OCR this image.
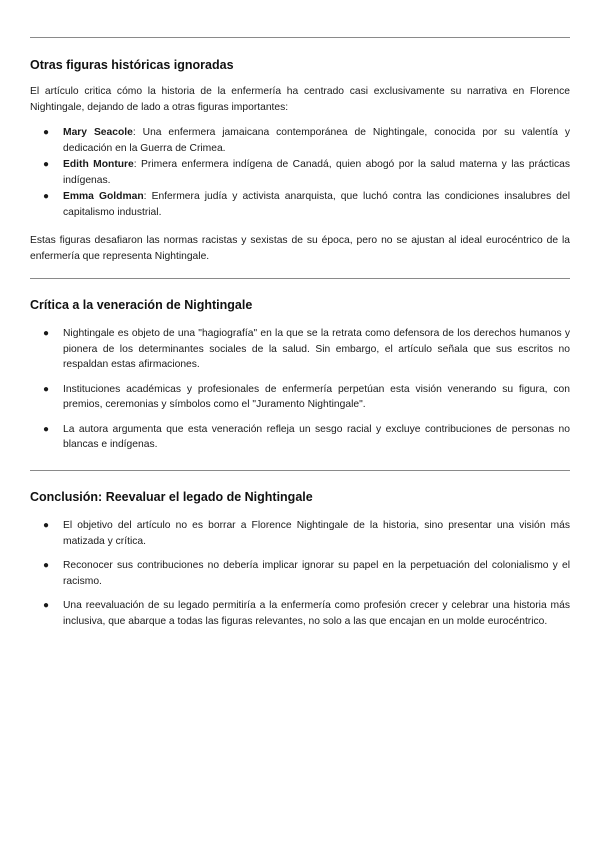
Otras figuras históricas ignoradas

El artículo critica cómo la historia de la enfermería ha centrado casi exclusivamente su narrativa en Florence Nightingale, dejando de lado a otras figuras importantes:

● Mary Seacole: Una enfermera jamaicana contemporánea de Nightingale, conocida por su valentía y dedicación en la Guerra de Crimea.
● Edith Monture: Primera enfermera indígena de Canadá, quien abogó por la salud materna y las prácticas indígenas.
● Emma Goldman: Enfermera judía y activista anarquista, que luchó contra las condiciones insalubres del capitalismo industrial.

Estas figuras desafiaron las normas racistas y sexistas de su época, pero no se ajustan al ideal eurocéntrico de la enfermería que representa Nightingale.

Crítica a la veneración de Nightingale
● Nightingale es objeto de una "hagiografía" en la que se la retrata como defensora de los derechos humanos y pionera de los determinantes sociales de la salud. Sin embargo, el artículo señala que sus escritos no respaldan estas afirmaciones.
● Instituciones académicas y profesionales de enfermería perpetúan esta visión venerando su figura, con premios, ceremonias y símbolos como el "Juramento Nightingale".
● La autora argumenta que esta veneración refleja un sesgo racial y excluye contribuciones de personas no blancas e indígenas.
Conclusión: Reevaluar el legado de Nightingale
● El objetivo del artículo no es borrar a Florence Nightingale de la historia, sino presentar una visión más matizada y crítica.
● Reconocer sus contribuciones no debería implicar ignorar su papel en la perpetuación del colonialismo y el racismo.
● Una reevaluación de su legado permitiría a la enfermería como profesión crecer y celebrar una historia más inclusiva, que abarque a todas las figuras relevantes, no solo a las que encajan en un molde eurocéntrico.
